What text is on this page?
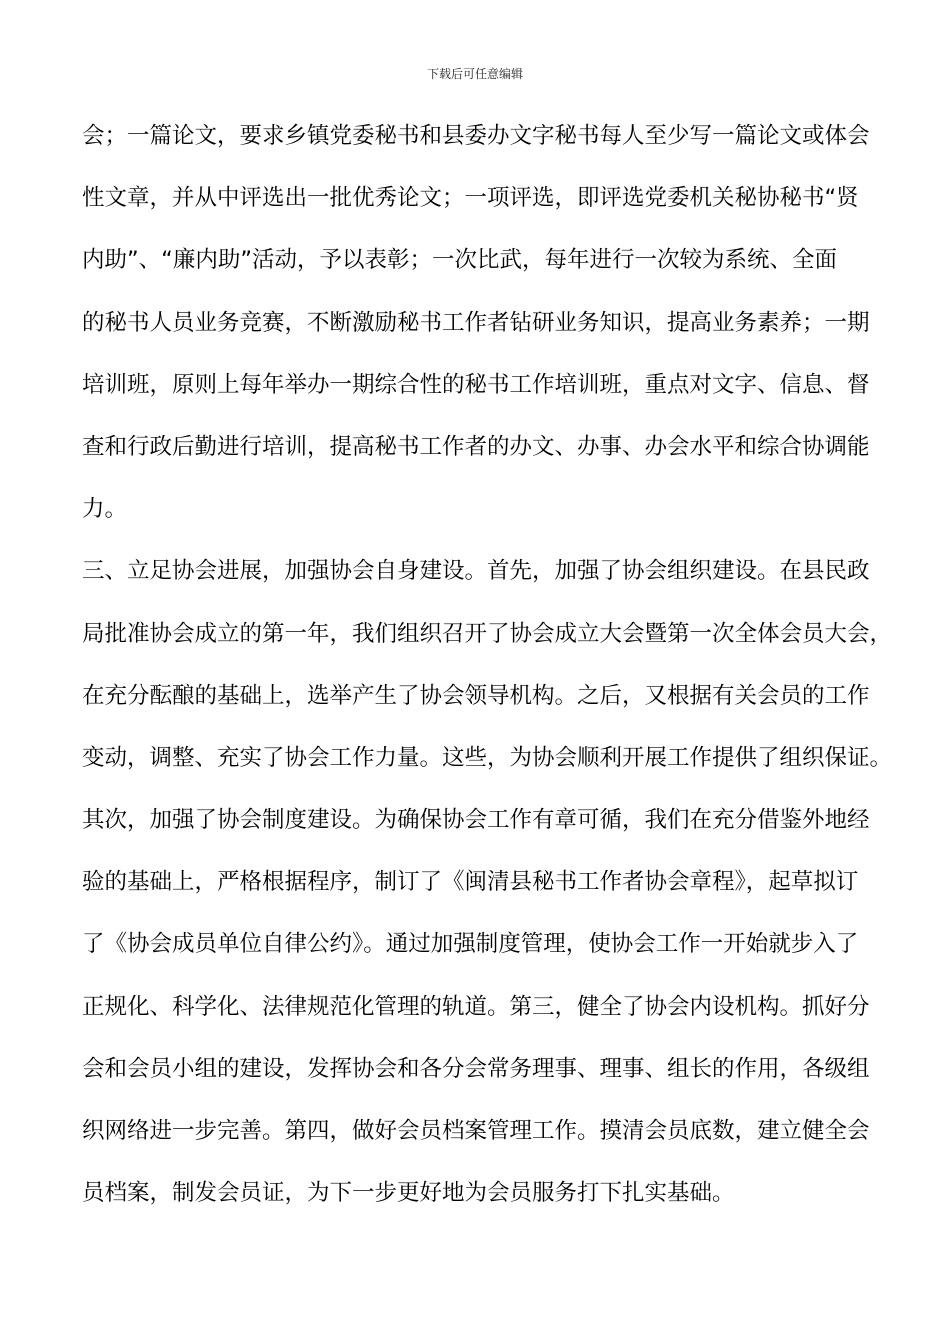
下载后可任意编辑
会；一篇论文，要求乡镇党委秘书和县委办文字秘书每人至少写一篇论文或体会
性文章，并从中评选出一批优秀论文；一项评选，即评选党委机关秘协秘书“贤
内助”、“廉内助”活动，予以表彰；一次比武，每年进行一次较为系统、全面
的秘书人员业务竞赛，不断激励秘书工作者钻研业务知识，提高业务素养；一期
培训班，原则上每年举办一期综合性的秘书工作培训班，重点对文字、信息、督
查和行政后勤进行培训，提高秘书工作者的办文、办事、办会水平和综合协调能
力。
三、立足协会进展，加强协会自身建设。首先，加强了协会组织建设。在县民政
局批准协会成立的第一年，我们组织召开了协会成立大会暨第一次全体会员大会，
在充分酝酿的基础上，选举产生了协会领导机构。之后，又根据有关会员的工作
变动，调整、充实了协会工作力量。这些，为协会顺利开展工作提供了组织保证。
其次，加强了协会制度建设。为确保协会工作有章可循，我们在充分借鉴外地经
验的基础上，严格根据程序，制订了《闽清县秘书工作者协会章程》，起草拟订
了《协会成员单位自律公约》。通过加强制度管理，使协会工作一开始就步入了
正规化、科学化、法律规范化管理的轨道。第三，健全了协会内设机构。抓好分
会和会员小组的建设，发挥协会和各分会常务理事、理事、组长的作用，各级组
织网络进一步完善。第四，做好会员档案管理工作。摸清会员底数，建立健全会
员档案，制发会员证，为下一步更好地为会员服务打下扎实基础。
